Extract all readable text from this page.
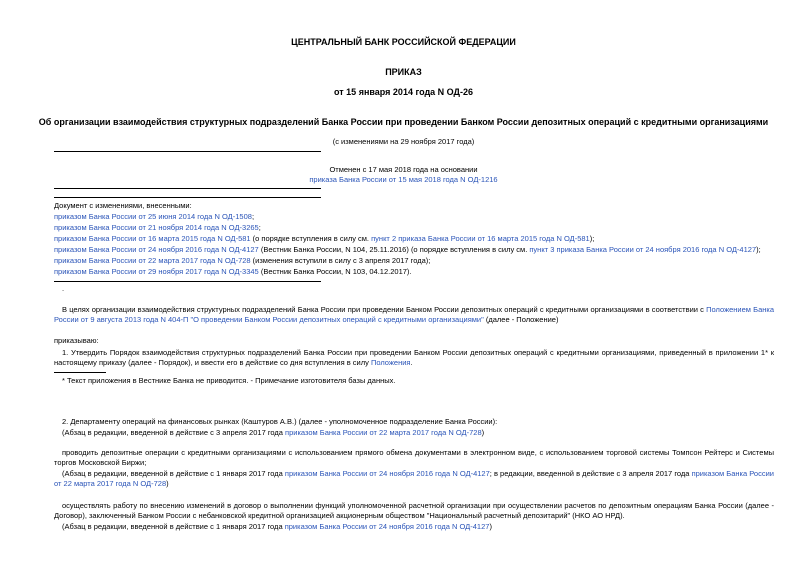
ЦЕНТРАЛЬНЫЙ БАНК РОССИЙСКОЙ ФЕДЕРАЦИИ
ПРИКАЗ
от 15 января 2014 года N ОД-26
Об организации взаимодействия структурных подразделений Банка России при проведении Банком России депозитных операций с кредитными организациями
(с изменениями на 29 ноября 2017 года)
Отменен с 17 мая 2018 года на основании
приказа Банка России от 15 мая 2018 года N ОД-1216
Документ с изменениями, внесенными:
приказом Банка России от 25 июня 2014 года N ОД-1508;
приказом Банка России от 21 ноября 2014 года N ОД-3265;
приказом Банка России от 16 марта 2015 года N ОД-581 (о порядке вступления в силу см. пункт 2 приказа Банка России от 16 марта 2015 года N ОД-581);
приказом Банка России от 24 ноября 2016 года N ОД-4127 (Вестник Банка России, N 104, 25.11.2016) (о порядке вступления в силу см. пункт 3 приказа Банка России от 24 ноября 2016 года N ОД-4127);
приказом Банка России от 22 марта 2017 года N ОД-728 (изменения вступили в силу с 3 апреля 2017 года);
приказом Банка России от 29 ноября 2017 года N ОД-3345 (Вестник Банка России, N 103, 04.12.2017).
.
В целях организации взаимодействия структурных подразделений Банка России при проведении Банком России депозитных операций с кредитными организациями в соответствии с Положением Банка России от 9 августа 2013 года N 404-П "О проведении Банком России депозитных операций с кредитными организациями" (далее - Положение)
приказываю:
1. Утвердить Порядок взаимодействия структурных подразделений Банка России при проведении Банком России депозитных операций с кредитными организациями, приведенный в приложении 1* к настоящему приказу (далее - Порядок), и ввести его в действие со дня вступления в силу Положения.
* Текст приложения в Вестнике Банка не приводится. - Примечание изготовителя базы данных.
2. Департаменту операций на финансовых рынках (Каштуров А.В.) (далее - уполномоченное подразделение Банка России):
(Абзац в редакции, введенной в действие с 3 апреля 2017 года приказом Банка России от 22 марта 2017 года N ОД-728)
проводить депозитные операции с кредитными организациями с использованием прямого обмена документами в электронном виде, с использованием торговой системы Томпсон Рейтерс и Системы торгов Московской Биржи;
(Абзац в редакции, введенной в действие с 1 января 2017 года приказом Банка России от 24 ноября 2016 года N ОД-4127; в редакции, введенной в действие с 3 апреля 2017 года приказом Банка России от 22 марта 2017 года N ОД-728)
осуществлять работу по внесению изменений в договор о выполнении функций уполномоченной расчетной организации при осуществлении расчетов по депозитным операциям Банка России (далее - Договор), заключенный Банком России с небанковской кредитной организацией акционерным обществом "Национальный расчетный депозитарий" (НКО АО НРД).
(Абзац в редакции, введенной в действие с 1 января 2017 года приказом Банка России от 24 ноября 2016 года N ОД-4127)
